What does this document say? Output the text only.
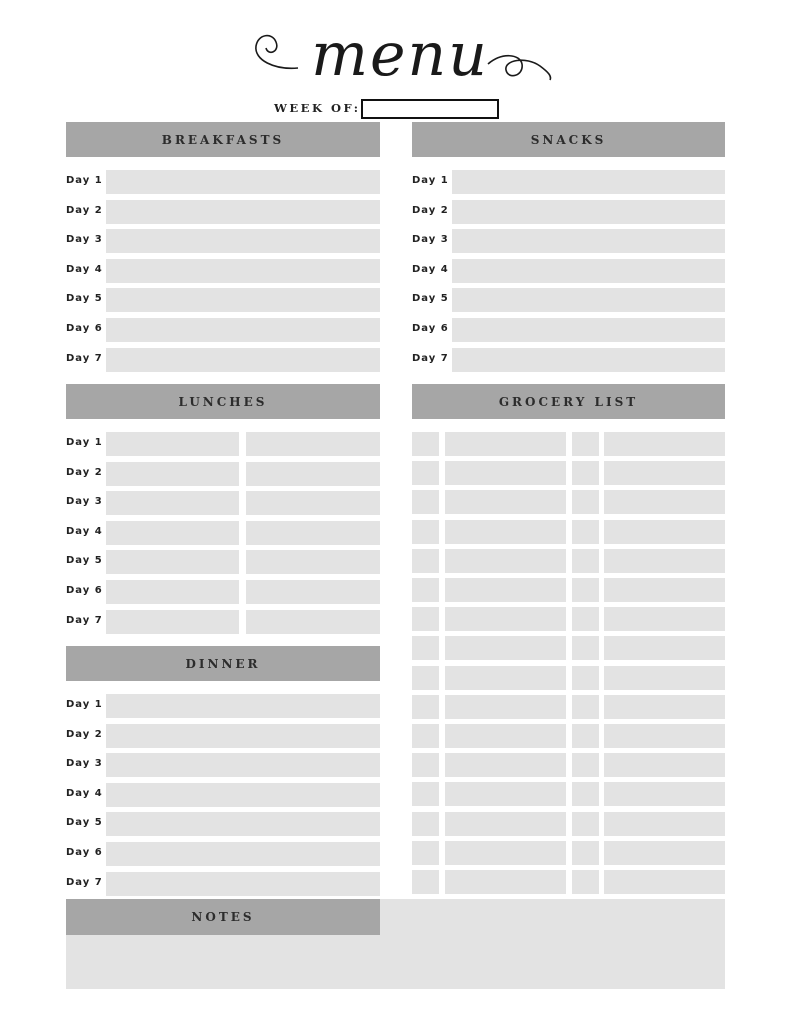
menu
WEEK OF:
BREAKFASTS
Day 1
Day 2
Day 3
Day 4
Day 5
Day 6
Day 7
SNACKS
Day 1
Day 2
Day 3
Day 4
Day 5
Day 6
Day 7
LUNCHES
Day 1
Day 2
Day 3
Day 4
Day 5
Day 6
Day 7
GROCERY LIST
DINNER
Day 1
Day 2
Day 3
Day 4
Day 5
Day 6
Day 7
NOTES
